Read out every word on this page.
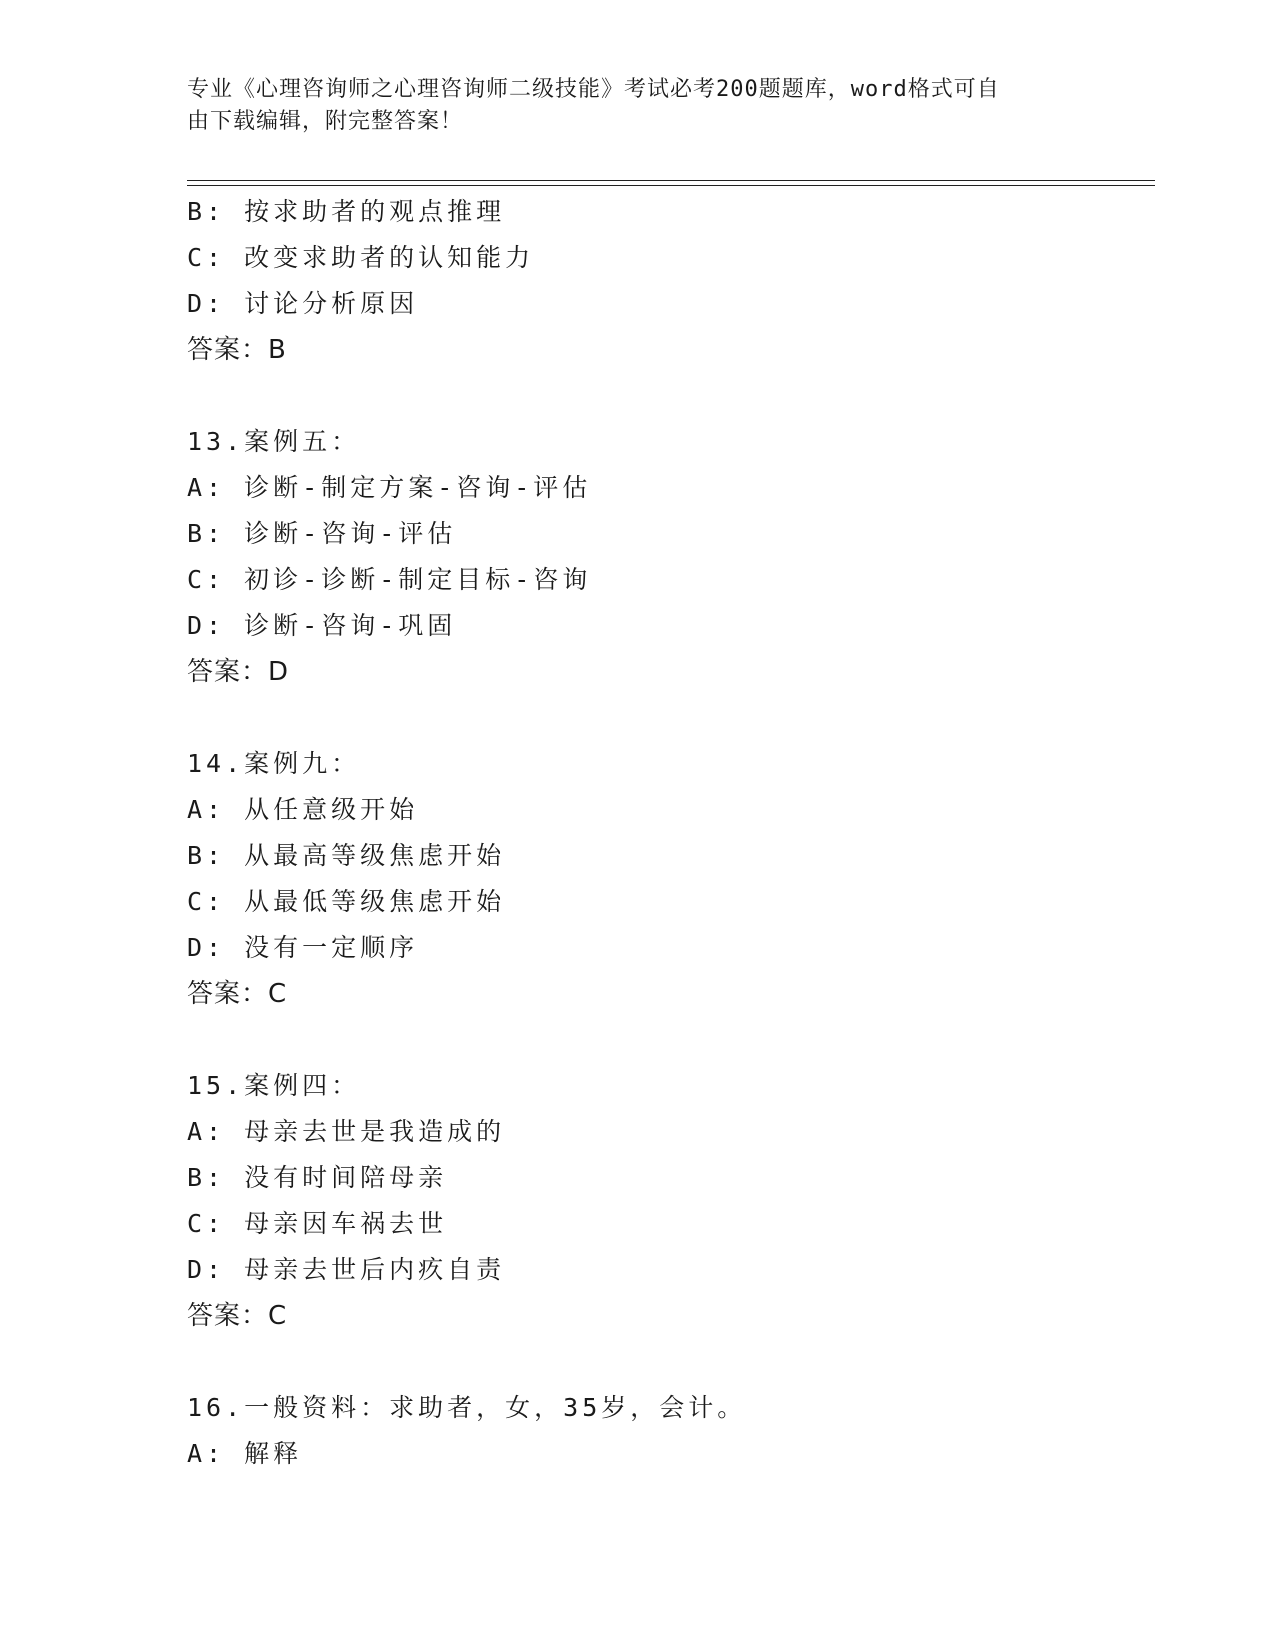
专业《心理咨询师之心理咨询师二级技能》考试必考200题题库，word格式可自
由下载编辑，附完整答案！
B: 按求助者的观点推理
C: 改变求助者的认知能力
D: 讨论分析原因
答案：B
13.案例五：
A: 诊断-制定方案-咨询-评估
B: 诊断-咨询-评估
C: 初诊-诊断-制定目标-咨询
D: 诊断-咨询-巩固
答案：D
14.案例九：
A: 从任意级开始
B: 从最高等级焦虑开始
C: 从最低等级焦虑开始
D: 没有一定顺序
答案：C
15.案例四：
A: 母亲去世是我造成的
B: 没有时间陪母亲
C: 母亲因车祸去世
D: 母亲去世后内疚自责
答案：C
16.一般资料：求助者，女，35岁，会计。
A: 解释
